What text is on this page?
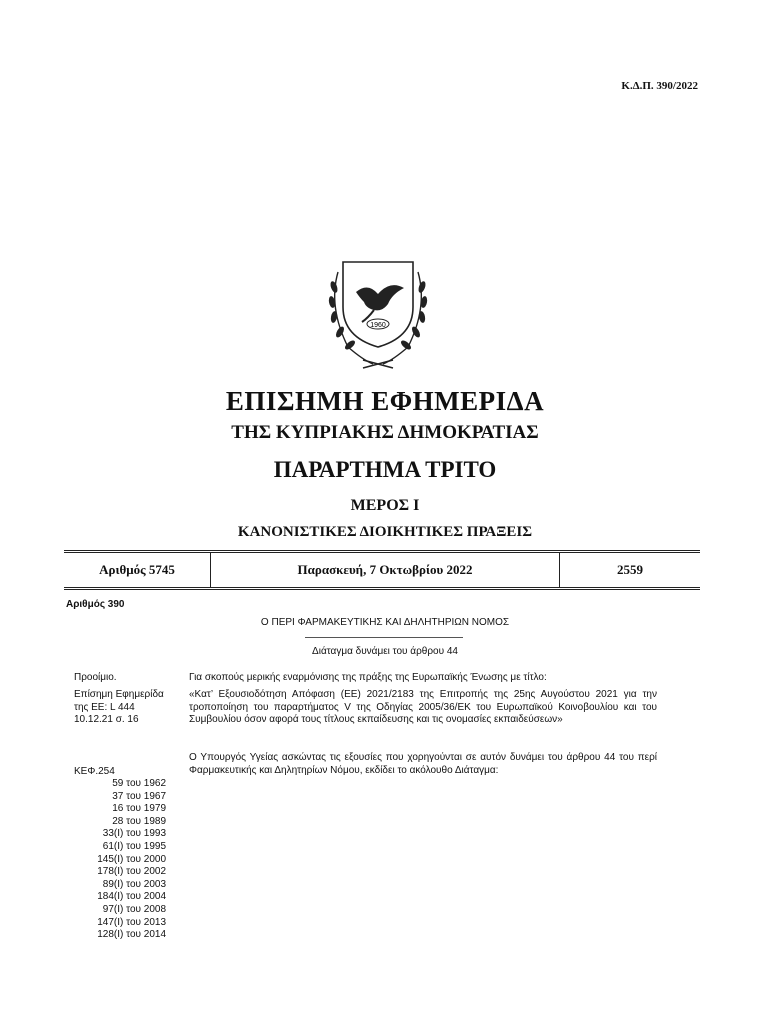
Κ.Δ.Π. 390/2022
1960
ΕΠΙΣΗΜΗ ΕΦΗΜΕΡΙΔΑ
ΤΗΣ ΚΥΠΡΙΑΚΗΣ ΔΗΜΟΚΡΑΤΙΑΣ
ΠΑΡΑΡΤΗΜΑ ΤΡΙΤΟ
ΜΕΡΟΣ Ι
ΚΑΝΟΝΙΣΤΙΚΕΣ ΔΙΟΙΚΗΤΙΚΕΣ ΠΡΑΞΕΙΣ
Αριθμός 5745	Παρασκευή, 7 Οκτωβρίου 2022	2559
Αριθμός 390
Ο ΠΕΡΙ ΦΑΡΜΑΚΕΥΤΙΚΗΣ ΚΑΙ ΔΗΛΗΤΗΡΙΩΝ ΝΟΜΟΣ
Διάταγμα δυνάμει του άρθρου 44
Προοίμιο.
Επίσημη Εφημερίδα της ΕΕ: L 444 10.12.21 σ. 16
ΚΕΦ.254
59 του 1962
37 του 1967
16 του 1979
28 του 1989
33(I) του 1993
61(I) του 1995
145(I) του 2000
178(I) του 2002
89(I) του 2003
184(I) του 2004
97(I) του 2008
147(I) του 2013
128(I) του 2014
Για σκοπούς μερικής εναρμόνισης της πράξης της Ευρωπαϊκής Ένωσης με τίτλο:
«Κατ’ Εξουσιοδότηση Απόφαση (ΕΕ) 2021/2183 της Επιτροπής της 25ης Αυγούστου 2021 για την τροποποίηση του παραρτήματος V της Οδηγίας 2005/36/ΕΚ του Ευρωπαϊκού Κοινοβουλίου και του Συμβουλίου όσον αφορά τους τίτλους εκπαίδευσης και τις ονομασίες εκπαιδεύσεων»
Ο Υπουργός Υγείας ασκώντας τις εξουσίες που χορηγούνται σε αυτόν δυνάμει του άρθρου 44 του περί Φαρμακευτικής και Δηλητηρίων Νόμου, εκδίδει το ακόλουθο Διάταγμα:
